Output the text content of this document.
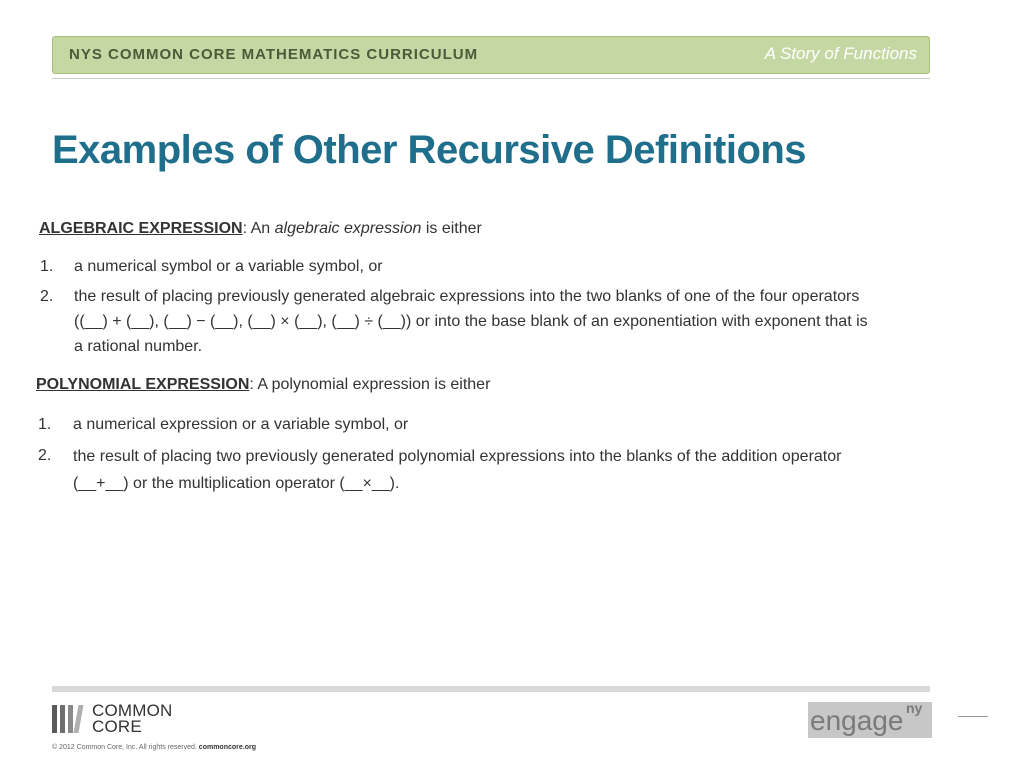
NYS COMMON CORE MATHEMATICS CURRICULUM	A Story of Functions
Examples of Other Recursive Definitions
ALGEBRAIC EXPRESSION: An algebraic expression is either
1. a numerical symbol or a variable symbol, or
2. the result of placing previously generated algebraic expressions into the two blanks of one of the four operators
((__) + (__), (__) − (__), (__) × (__), (__) ÷ (__)) or into the base blank of an exponentiation with exponent that is
a rational number.
POLYNOMIAL EXPRESSION: A polynomial expression is either
1. a numerical expression or a variable symbol, or
2. the result of placing two previously generated polynomial expressions into the blanks of the addition operator
(__+__) or the multiplication operator (__×__).
COMMON
CORE
© 2012 Common Core, Inc. All rights reserved. commoncore.org
engage ny
